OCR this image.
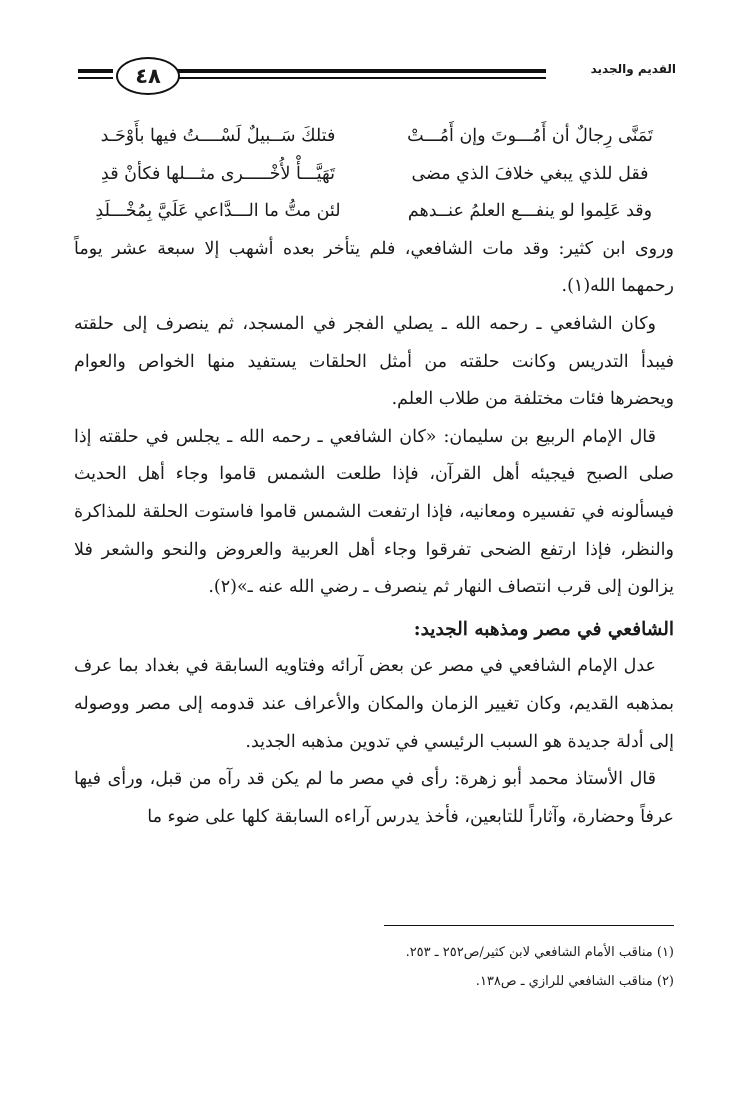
القديم والجديد
٤٨
تَمَنَّى رِجالٌ أن أَمُـــوتَ وإن أَمُـــتْ
فتلكَ سَــبيلٌ لَسْــــتُ فيها بأَوْحَـد
فقل للذي يبغي خلافَ الذي مضى
تَهَيَّـــأْ لأُخْـــــرى مثـــلها فكأنْ قدِ
وقد عَلِموا لو ينفـــع العلمُ عنــدهم
لئن متُّ ما الـــدَّاعي عَلَيَّ بِمُخْـــلَدِ

وروى ابن كثير: وقد مات الشافعي، فلم يتأخر بعده أشهب إلا سبعة عشر يوماً رحمهما الله(١).

وكان الشافعي ـ رحمه الله ـ يصلي الفجر في المسجد، ثم ينصرف إلى حلقته فيبدأ التدريس وكانت حلقته من أمثل الحلقات يستفيد منها الخواص والعوام ويحضرها فئات مختلفة من طلاب العلم.

قال الإمام الربيع بن سليمان: «كان الشافعي ـ رحمه الله ـ يجلس في حلقته إذا صلى الصبح فيجيئه أهل القرآن، فإذا طلعت الشمس قاموا وجاء أهل الحديث فيسألونه في تفسيره ومعانيه، فإذا ارتفعت الشمس قاموا فاستوت الحلقة للمذاكرة والنظر، فإذا ارتفع الضحى تفرقوا وجاء أهل العربية والعروض والنحو والشعر فلا يزالون إلى قرب انتصاف النهار ثم ينصرف ـ رضي الله عنه ـ»(٢).

الشافعي في مصر ومذهبه الجديد:

عدل الإمام الشافعي في مصر عن بعض آرائه وفتاويه السابقة في بغداد بما عرف بمذهبه القديم، وكان تغيير الزمان والمكان والأعراف عند قدومه إلى مصر ووصوله إلى أدلة جديدة هو السبب الرئيسي في تدوين مذهبه الجديد.

قال الأستاذ محمد أبو زهرة: رأى في مصر ما لم يكن قد رآه من قبل، ورأى فيها عرفاً وحضارة، وآثاراً للتابعين، فأخذ يدرس آراءه السابقة كلها على ضوء ما

(١) مناقب الأمام الشافعي لابن كثير/ص٢٥٢ ـ ٢٥٣.

(٢) مناقب الشافعي للرازي ـ ص١٣٨.
